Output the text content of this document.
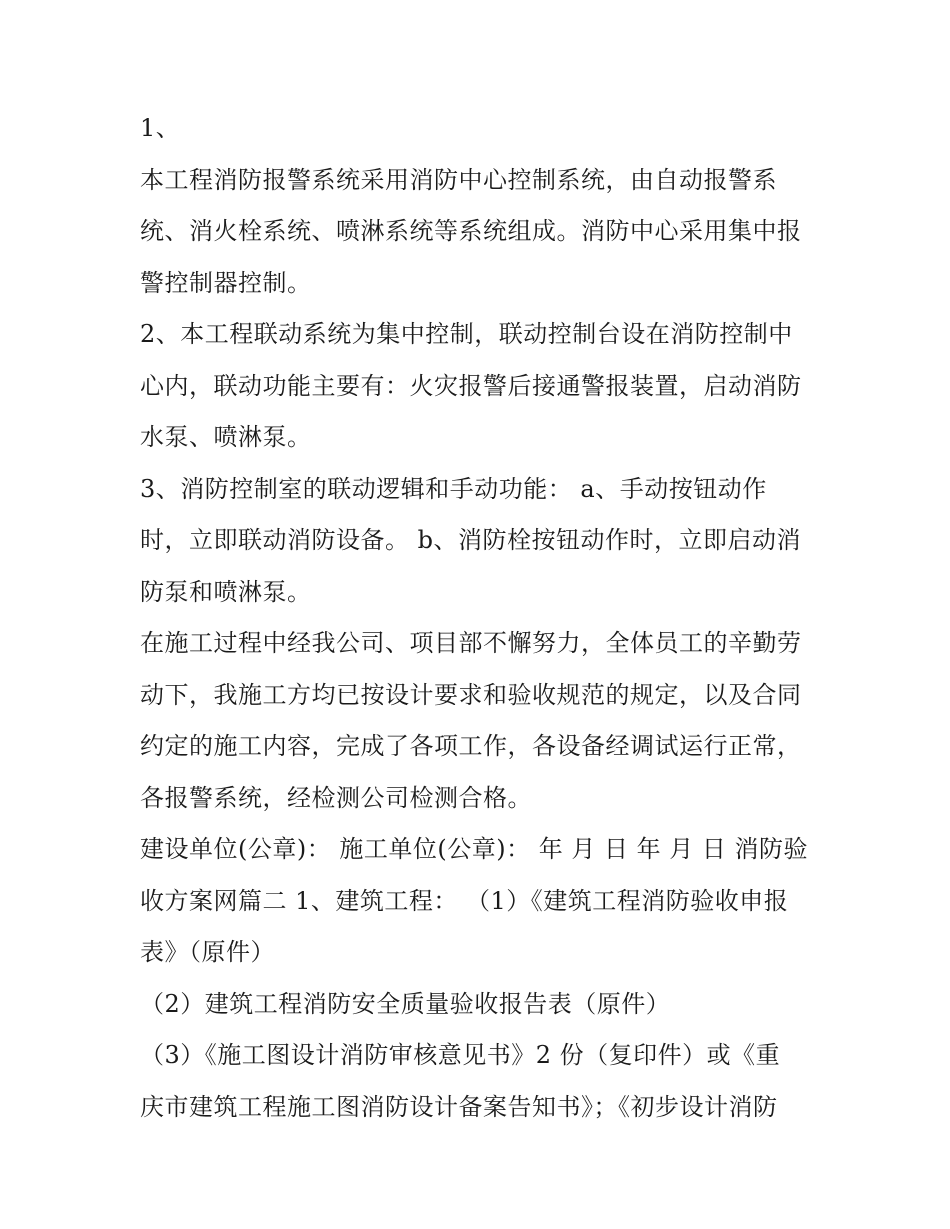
1、
本工程消防报警系统采用消防中心控制系统，由自动报警系
统、消火栓系统、喷淋系统等系统组成。消防中心采用集中报
警控制器控制。
2、本工程联动系统为集中控制，联动控制台设在消防控制中
心内，联动功能主要有：火灾报警后接通警报装置，启动消防
水泵、喷淋泵。
3、消防控制室的联动逻辑和手动功能： a、手动按钮动作
时，立即联动消防设备。 b、消防栓按钮动作时，立即启动消
防泵和喷淋泵。
在施工过程中经我公司、项目部不懈努力，全体员工的辛勤劳
动下，我施工方均已按设计要求和验收规范的规定，以及合同
约定的施工内容，完成了各项工作，各设备经调试运行正常，
各报警系统，经检测公司检测合格。
建设单位(公章)： 施工单位(公章)： 年 月 日 年 月 日 消防验
收方案网篇二 1、建筑工程： （1）《建筑工程消防验收申报
表》（原件）
（2）建筑工程消防安全质量验收报告表（原件）
（3）《施工图设计消防审核意见书》2 份（复印件）或《重
庆市建筑工程施工图消防设计备案告知书》；《初步设计消防
